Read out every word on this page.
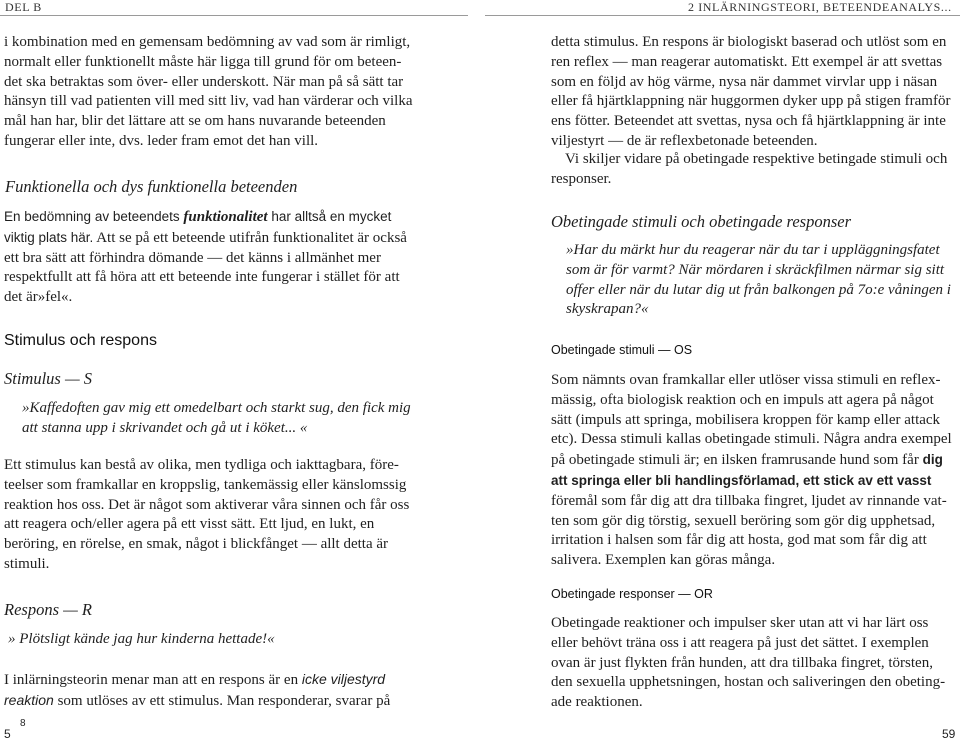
DEL B	2 INLÄRNINGSTEORI, BETEENDEANALYS...

i kombination med en gemensam bedömning av vad som är rimligt, normalt eller funktionellt måste här ligga till grund för om beteendet ska betraktas som över- eller underskott. När man på så sätt tar hänsyn till vad patienten vill med sitt liv, vad han värderar och vilka mål han har, blir det lättare att se om hans nuvarande beteenden fungerar eller inte, dvs. leder fram emot det han vill.

Funktionella och dys funktionella beteenden

En bedömning av beteendets funktionalitet har alltså en mycket viktig plats här. Att se på ett beteende utifrån funktionalitet är också ett bra sätt att förhindra dömande — det känns i allmänhet mer respektfullt att få höra att ett beteende inte fungerar i stället för att det är»fel«.

Stimulus och respons

Stimulus — S

»Kaffedoften gav mig ett omedelbart och starkt sug, den fick mig att stanna upp i skrivandet och gå ut i köket... «

Ett stimulus kan bestå av olika, men tydliga och iakttagbara, företeelser som framkallar en kroppslig, tankemässig eller känslomssig reaktion hos oss. Det är något som aktiverar våra sinnen och får oss att reagera och/eller agera på ett visst sätt. Ett ljud, en lukt, en beröring, en rörelse, en smak, något i blickfånget — allt detta är stimuli.

Respons — R

» Plötsligt kände jag hur kinderna hettade!«

I inlärningsteorin menar man att en respons är en icke viljestyrd reaktion som utlöses av ett stimulus. Man responderar, svarar på

5
8

detta stimulus. En respons är biologiskt baserad och utlöst som en ren reflex — man reagerar automatiskt. Ett exempel är att svettas som en följd av hög värme, nysa när dammet virvlar upp i näsan eller få hjärtklappning när huggormen dyker upp på stigen framför ens fötter. Beteendet att svettas, nysa och få hjärtklappning är inte viljestyrt — de är reflexbetonade beteenden.

Vi skiljer vidare på obetingade respektive betingade stimuli och responser.

Obetingade stimuli och obetingade responser

»Har du märkt hur du reagerar när du tar i uppläggningsfatet som är för varmt? När mördaren i skräckfilmen närmar sig sitt offer eller när du lutar dig ut från balkongen på 7o:e våningen i skyskrapan?«

Obetingade stimuli — OS

Som nämnts ovan framkallar eller utlöser vissa stimuli en reflexmässig, ofta biologisk reaktion och en impuls att agera på något sätt (impuls att springa, mobilisera kroppen för kamp eller attack etc). Dessa stimuli kallas obetingade stimuli. Några andra exempel på obetingade stimuli är; en ilsken framrusande hund som får dig att springa eller bli handlingsförlamad, ett stick av ett vasst föremål som får dig att dra tillbaka fingret, ljudet av rinnande vatten som gör dig törstig, sexuell beröring som gör dig upphetsad, irritation i halsen som får dig att hosta, god mat som får dig att salivera. Exemplen kan göras många.

Obetingade responser — OR

Obetingade reaktioner och impulser sker utan att vi har lärt oss eller behövt träna oss i att reagera på just det sättet. I exemplen ovan är just flykten från hunden, att dra tillbaka fingret, törsten, den sexuella upphetsningen, hostan och saliveringen den obetingade reaktionen.

59
